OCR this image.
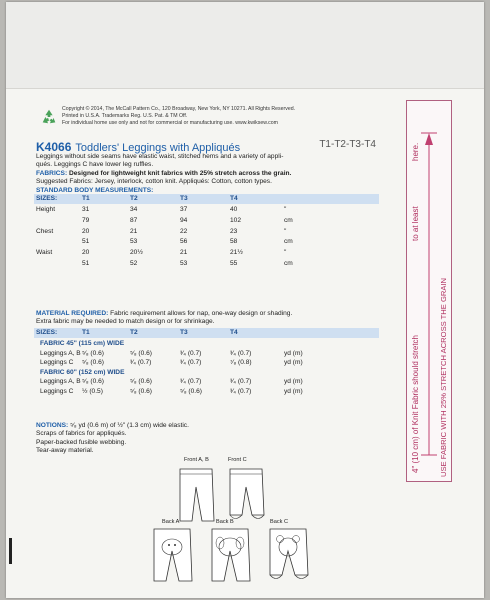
Copyright © 2014, The McCall Pattern Co., 120 Broadway, New York, NY 10271. All Rights Reserved.
Printed in U.S.A. Trademarks Reg. U.S. Pat. & TM Off.
For individual home use only and not for commercial or manufacturing use. www.kwiksew.com
K4066 Toddlers' Leggings with Appliqués	T1-T2-T3-T4
Leggings without side seams have elastic waist, stitched hems and a variety of appli-
qués. Leggings C have lower leg ruffles.
FABRICS: Designed for lightweight knit fabrics with 25% stretch across the grain.
Suggested Fabrics: Jersey, interlock, cotton knit. Appliqués: Cotton, cotton types.
STANDARD BODY MEASUREMENTS:
MATERIAL REQUIRED: Fabric requirement allows for nap, one-way design or shading.
Extra fabric may be needed to match design or for shrinkage.
NOTIONS: ⁵⁄₈ yd (0.6 m) of ½" (1.3 cm) wide elastic.
Scraps of fabrics for appliqués.
Paper-backed fusible webbing.
Tear-away material.
Front A, B	Front C
Back A	Back B	Back C
4" (10 cm) of Knit Fabric should stretch
to at least
here.
USE FABRIC WITH 25% STRETCH ACROSS THE GRAIN
SIZES:	T1	T2	T3	T4
Height	31	34	37	40	"
79	87	94	102	cm
Chest	20	21	22	23	"
51	53	56	58	cm
Waist	20	20½	21	21½	"
51	52	53	55	cm
SIZES:	T1	T2	T3	T4
FABRIC 45" (115 cm) WIDE
Leggings A, B ⁵⁄₈ (0.6)	⁵⁄₈ (0.6)	³⁄₄ (0.7)	³⁄₄ (0.7)	yd (m)
Leggings C ⁵⁄₈ (0.6)	³⁄₄ (0.7)	³⁄₄ (0.7)	⁷⁄₈ (0.8)	yd (m)
FABRIC 60" (152 cm) WIDE
Leggings A, B ⁵⁄₈ (0.6)	⁵⁄₈ (0.6)	³⁄₄ (0.7)	³⁄₄ (0.7)	yd (m)
Leggings C ½ (0.5)	⁵⁄₈ (0.6)	⁵⁄₈ (0.6)	³⁄₄ (0.7)	yd (m)
